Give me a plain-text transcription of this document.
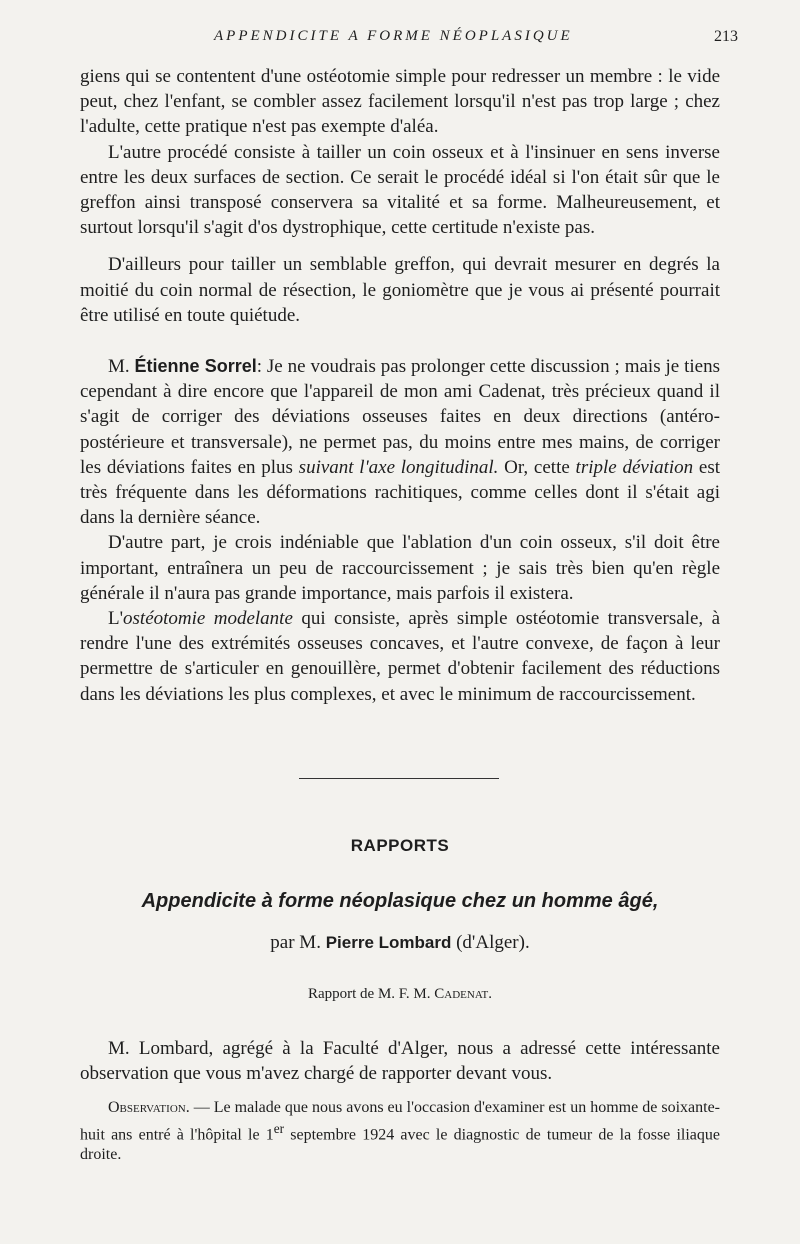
APPENDICITE A FORME NÉOPLASIQUE	213

giens qui se contentent d'une ostéotomie simple pour redresser un membre : le vide peut, chez l'enfant, se combler assez facilement lorsqu'il n'est pas trop large ; chez l'adulte, cette pratique n'est pas exempte d'aléa.

L'autre procédé consiste à tailler un coin osseux et à l'insinuer en sens inverse entre les deux surfaces de section. Ce serait le procédé idéal si l'on était sûr que le greffon ainsi transposé conservera sa vitalité et sa forme. Malheureusement, et surtout lorsqu'il s'agit d'os dystrophique, cette certitude n'existe pas.

D'ailleurs pour tailler un semblable greffon, qui devrait mesurer en degrés la moitié du coin normal de résection, le goniomètre que je vous ai présenté pourrait être utilisé en toute quiétude.

M. Étienne Sorrel: Je ne voudrais pas prolonger cette discussion ; mais je tiens cependant à dire encore que l'appareil de mon ami Cadenat, très précieux quand il s'agit de corriger des déviations osseuses faites en deux directions (antéro-postérieure et transversale), ne permet pas, du moins entre mes mains, de corriger les déviations faites en plus suivant l'axe longitudinal. Or, cette triple déviation est très fréquente dans les déformations rachitiques, comme celles dont il s'était agi dans la dernière séance.

D'autre part, je crois indéniable que l'ablation d'un coin osseux, s'il doit être important, entraînera un peu de raccourcissement ; je sais très bien qu'en règle générale il n'aura pas grande importance, mais parfois il existera.

L'ostéotomie modelante qui consiste, après simple ostéotomie transversale, à rendre l'une des extrémités osseuses concaves, et l'autre convexe, de façon à leur permettre de s'articuler en genouillère, permet d'obtenir facilement des réductions dans les déviations les plus complexes, et avec le minimum de raccourcissement.

RAPPORTS
Appendicite à forme néoplasique chez un homme âgé,
par M. Pierre Lombard (d'Alger).
Rapport de M. F. M. Cadenat.

M. Lombard, agrégé à la Faculté d'Alger, nous a adressé cette intéressante observation que vous m'avez chargé de rapporter devant vous.

Observation. — Le malade que nous avons eu l'occasion d'examiner est un homme de soixante-huit ans entré à l'hôpital le 1er septembre 1924 avec le diagnostic de tumeur de la fosse iliaque droite.
